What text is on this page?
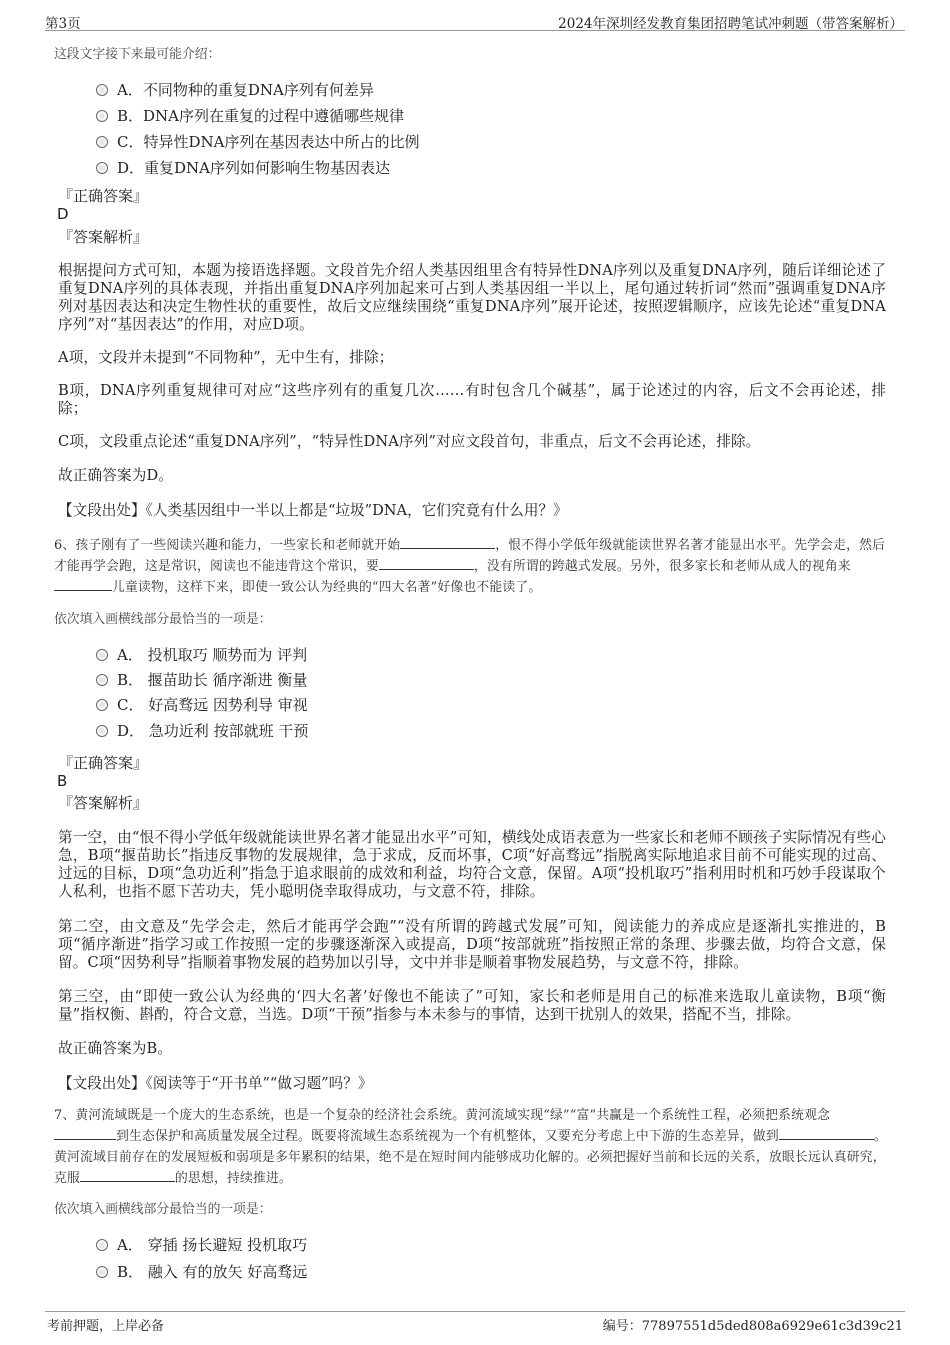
第3页	2024年深圳经发教育集团招聘笔试冲刺题（带答案解析）
这段文字接下来最可能介绍：
A．不同物种的重复DNA序列有何差异
B．DNA序列在重复的过程中遵循哪些规律
C．特异性DNA序列在基因表达中所占的比例
D．重复DNA序列如何影响生物基因表达
『正确答案』
D
『答案解析』
根据提问方式可知，本题为接语选择题。文段首先介绍人类基因组里含有特异性DNA序列以及重复DNA序列，随后详细论述了重复DNA序列的具体表现，并指出重复DNA序列加起来可占到人类基因组一半以上，尾句通过转折词“然而”强调重复DNA序列对基因表达和决定生物性状的重要性，故后文应继续围绕“重复DNA序列”展开论述，按照逻辑顺序，应该先论述“重复DNA序列”对“基因表达”的作用，对应D项。
A项，文段并未提到“不同物种”，无中生有，排除；
B项，DNA序列重复规律可对应“这些序列有的重复几次……有时包含几个碱基”，属于论述过的内容，后文不会再论述，排除；
C项，文段重点论述“重复DNA序列”，“特异性DNA序列”对应文段首句，非重点，后文不会再论述，排除。
故正确答案为D。
【文段出处】《人类基因组中一半以上都是“垃圾”DNA，它们究竟有什么用？》
6、孩子刚有了一些阅读兴趣和能力，一些家长和老师就开始	，恨不得小学低年级就能读世界名著才能显出水平。先学会走，然后才能再学会跑，这是常识，阅读也不能违背这个常识，要	，没有所谓的跨越式发展。另外，很多家长和老师从成人的视角来儿童读物，这样下来，即使一致公认为经典的“四大名著”好像也不能读了。
依次填入画横线部分最恰当的一项是：
A． 投机取巧 顺势而为 评判
B． 揠苗助长 循序渐进 衡量
C． 好高骛远 因势利导 审视
D． 急功近利 按部就班 干预
『正确答案』
B
『答案解析』
第一空，由“恨不得小学低年级就能读世界名著才能显出水平”可知，横线处成语表意为一些家长和老师不顾孩子实际情况有些心急，B项“揠苗助长”指违反事物的发展规律，急于求成，反而坏事，C项“好高骛远”指脱离实际地追求目前不可能实现的过高、过远的目标，D项“急功近利”指急于追求眼前的成效和利益，均符合文意，保留。A项“投机取巧”指利用时机和巧妙手段谋取个人私利，也指不愿下苦功夫，凭小聪明侥幸取得成功，与文意不符，排除。
第二空，由文意及“先学会走，然后才能再学会跑”“没有所谓的跨越式发展”可知，阅读能力的养成应是逐渐扎实推进的，B项“循序渐进”指学习或工作按照一定的步骤逐渐深入或提高，D项“按部就班”指按照正常的条理、步骤去做，均符合文意，保留。C项“因势利导”指顺着事物发展的趋势加以引导，文中并非是顺着事物发展趋势，与文意不符，排除。
第三空，由“即使一致公认为经典的‘四大名著’好像也不能读了”可知，家长和老师是用自己的标准来选取儿童读物，B项“衡量”指权衡、斟酌，符合文意，当选。D项“干预”指参与本未参与的事情，达到干扰别人的效果，搭配不当，排除。
故正确答案为B。
【文段出处】《阅读等于“开书单”“做习题”吗？》
7、黄河流域既是一个庞大的生态系统，也是一个复杂的经济社会系统。黄河流域实现“绿”“富”共赢是一个系统性工程，必须把系统观念到生态保护和高质量发展全过程。既要将流域生态系统视为一个有机整体，又要充分考虑上中下游的生态差异，做到	。黄河流域目前存在的发展短板和弱项是多年累积的结果，绝不是在短时间内能够成功化解的。必须把握好当前和长远的关系，放眼长远认真研究，克服	的思想，持续推进。
依次填入画横线部分最恰当的一项是：
A． 穿插 扬长避短 投机取巧
B． 融入 有的放矢 好高骛远
考前押题，上岸必备	编号：77897551d5ded808a6929e61c3d39c21
